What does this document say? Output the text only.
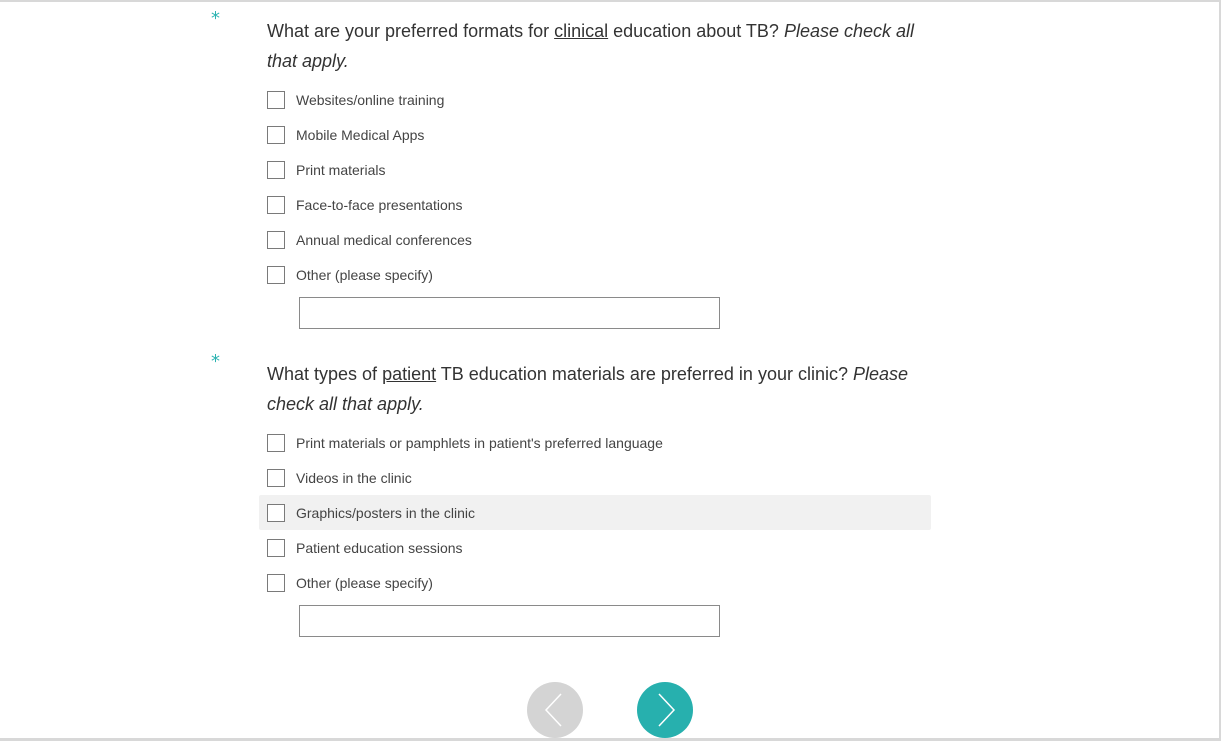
*
What are your preferred formats for clinical education about TB? Please check all that apply.
Websites/online training
Mobile Medical Apps
Print materials
Face-to-face presentations
Annual medical conferences
Other (please specify)
*
What types of patient TB education materials are preferred in your clinic? Please check all that apply.
Print materials or pamphlets in patient's preferred language
Videos in the clinic
Graphics/posters in the clinic
Patient education sessions
Other (please specify)
